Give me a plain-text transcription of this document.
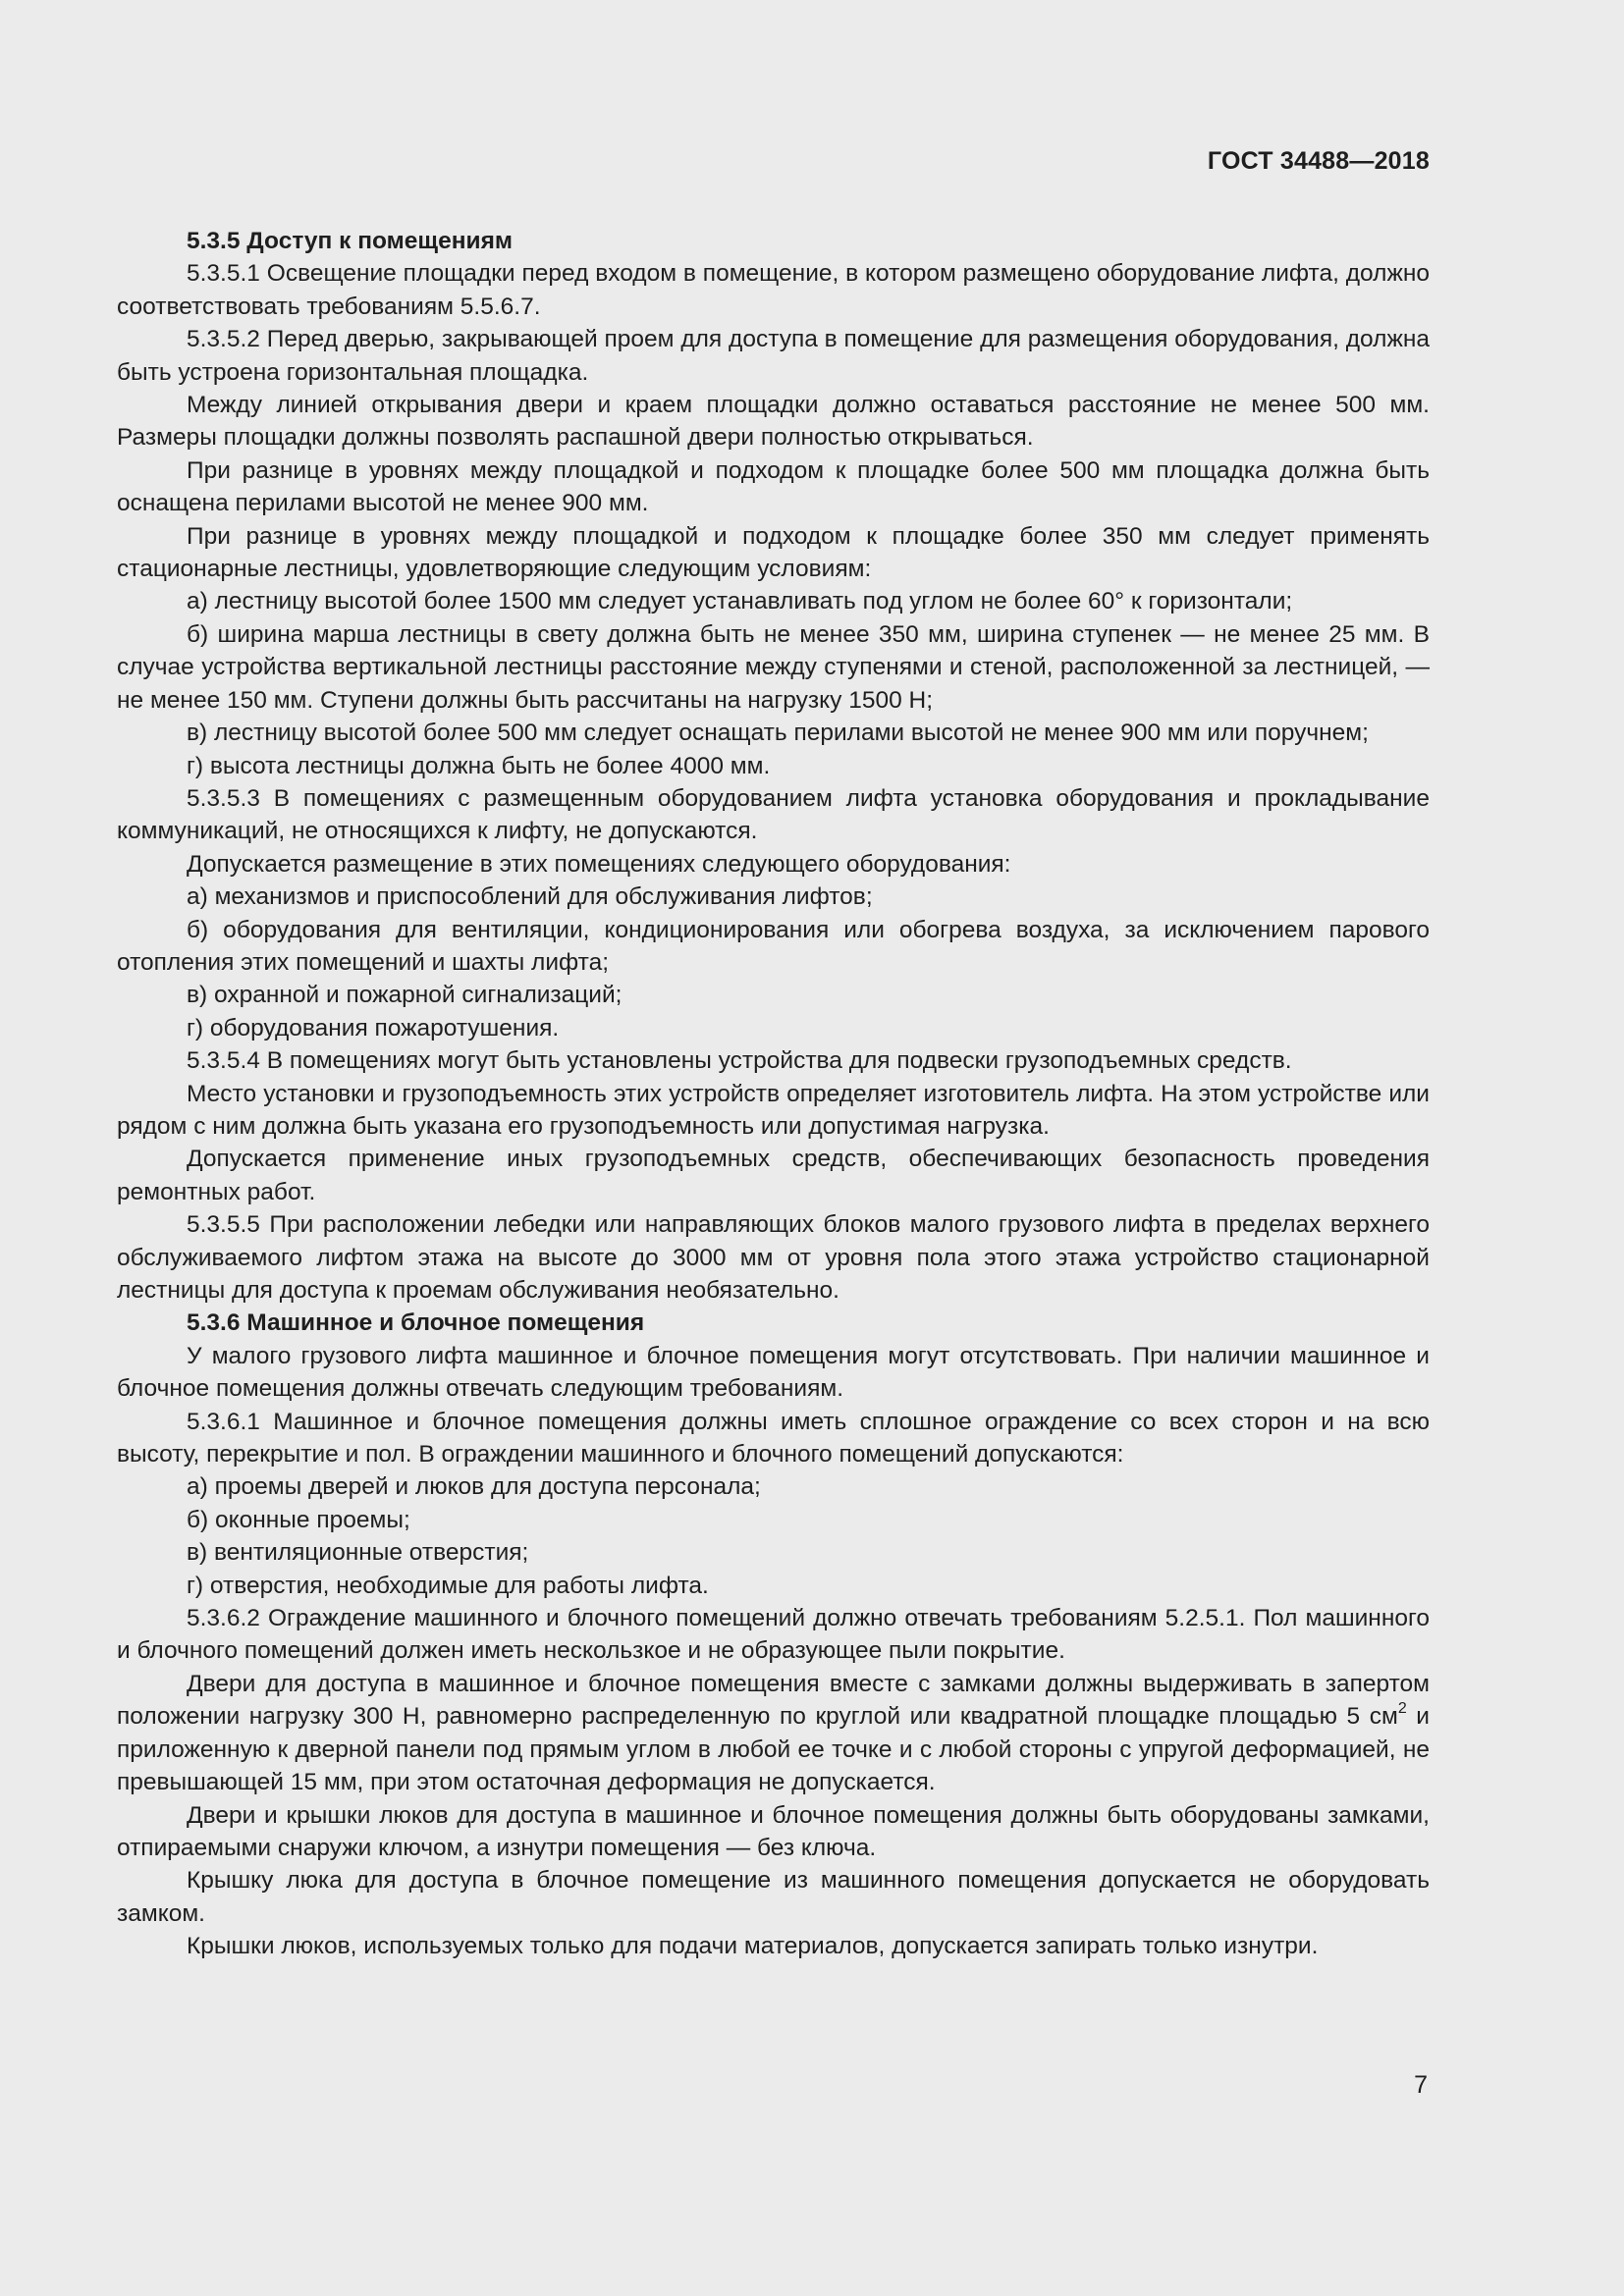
ГОСТ 34488—2018

5.3.5 Доступ к помещениям

5.3.5.1 Освещение площадки перед входом в помещение, в котором размещено оборудование лифта, должно соответствовать требованиям 5.5.6.7.

5.3.5.2 Перед дверью, закрывающей проем для доступа в помещение для размещения оборудования, должна быть устроена горизонтальная площадка.

Между линией открывания двери и краем площадки должно оставаться расстояние не менее 500 мм. Размеры площадки должны позволять распашной двери полностью открываться.

При разнице в уровнях между площадкой и подходом к площадке более 500 мм площадка должна быть оснащена перилами высотой не менее 900 мм.

При разнице в уровнях между площадкой и подходом к площадке более 350 мм следует применять стационарные лестницы, удовлетворяющие следующим условиям:

а) лестницу высотой более 1500 мм следует устанавливать под углом не более 60° к горизонтали;

б) ширина марша лестницы в свету должна быть не менее 350 мм, ширина ступенек — не менее 25 мм. В случае устройства вертикальной лестницы расстояние между ступенями и стеной, расположенной за лестницей, — не менее 150 мм. Ступени должны быть рассчитаны на нагрузку 1500 Н;

в) лестницу высотой более 500 мм следует оснащать перилами высотой не менее 900 мм или поручнем;

г) высота лестницы должна быть не более 4000 мм.

5.3.5.3 В помещениях с размещенным оборудованием лифта установка оборудования и прокладывание коммуникаций, не относящихся к лифту, не допускаются.

Допускается размещение в этих помещениях следующего оборудования:

а) механизмов и приспособлений для обслуживания лифтов;

б) оборудования для вентиляции, кондиционирования или обогрева воздуха, за исключением парового отопления этих помещений и шахты лифта;

в) охранной и пожарной сигнализаций;

г) оборудования пожаротушения.

5.3.5.4 В помещениях могут быть установлены устройства для подвески грузоподъемных средств.

Место установки и грузоподъемность этих устройств определяет изготовитель лифта. На этом устройстве или рядом с ним должна быть указана его грузоподъемность или допустимая нагрузка.

Допускается применение иных грузоподъемных средств, обеспечивающих безопасность проведения ремонтных работ.

5.3.5.5 При расположении лебедки или направляющих блоков малого грузового лифта в пределах верхнего обслуживаемого лифтом этажа на высоте до 3000 мм от уровня пола этого этажа устройство стационарной лестницы для доступа к проемам обслуживания необязательно.

5.3.6 Машинное и блочное помещения

У малого грузового лифта машинное и блочное помещения могут отсутствовать. При наличии машинное и блочное помещения должны отвечать следующим требованиям.

5.3.6.1 Машинное и блочное помещения должны иметь сплошное ограждение со всех сторон и на всю высоту, перекрытие и пол. В ограждении машинного и блочного помещений допускаются:

а) проемы дверей и люков для доступа персонала;

б) оконные проемы;

в) вентиляционные отверстия;

г) отверстия, необходимые для работы лифта.

5.3.6.2 Ограждение машинного и блочного помещений должно отвечать требованиям 5.2.5.1. Пол машинного и блочного помещений должен иметь нескользкое и не образующее пыли покрытие.

Двери для доступа в машинное и блочное помещения вместе с замками должны выдерживать в запертом положении нагрузку 300 Н, равномерно распределенную по круглой или квадратной площадке площадью 5 $см^2$ и приложенную к дверной панели под прямым углом в любой ее точке и с любой стороны с упругой деформацией, не превышающей 15 мм, при этом остаточная деформация не допускается.

Двери и крышки люков для доступа в машинное и блочное помещения должны быть оборудованы замками, отпираемыми снаружи ключом, а изнутри помещения — без ключа.

Крышку люка для доступа в блочное помещение из машинного помещения допускается не оборудовать замком.

Крышки люков, используемых только для подачи материалов, допускается запирать только изнутри.

7
